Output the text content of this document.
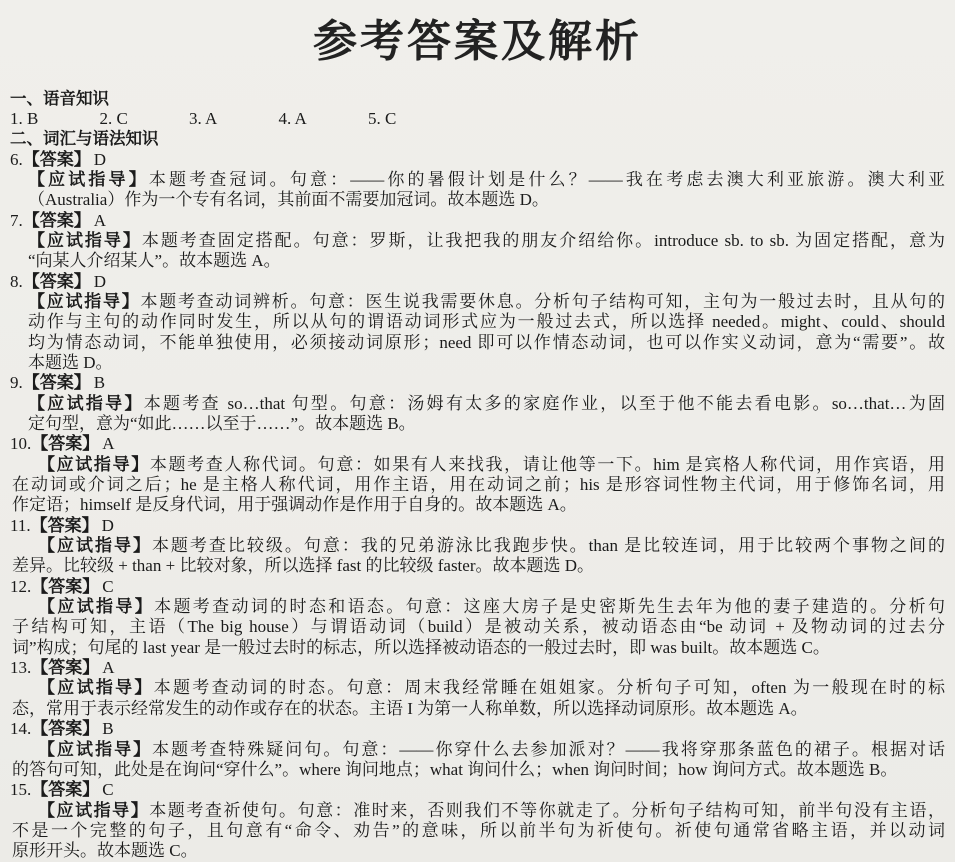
参考答案及解析
一、语音知识
1. B	2. C	3. A	4. A	5. C
二、词汇与语法知识
6.【答案】 D
【应试指导】本题考查冠词。句意：——你的暑假计划是什么？——我在考虑去澳大利亚旅游。澳大利亚
（Australia）作为一个专有名词，其前面不需要加冠词。故本题选 D。
7.【答案】 A
【应试指导】本题考查固定搭配。句意：罗斯，让我把我的朋友介绍给你。introduce sb. to sb. 为固定搭配，意为
“向某人介绍某人”。故本题选 A。
8.【答案】 D
【应试指导】本题考查动词辨析。句意：医生说我需要休息。分析句子结构可知，主句为一般过去时，且从句的
动作与主句的动作同时发生，所以从句的谓语动词形式应为一般过去式，所以选择 needed。might、could、should
均为情态动词，不能单独使用，必须接动词原形；need 即可以作情态动词，也可以作实义动词，意为“需要”。故
本题选 D。
9.【答案】 B
【应试指导】本题考查 so…that 句型。句意：汤姆有太多的家庭作业，以至于他不能去看电影。so…that…为固
定句型，意为“如此……以至于……”。故本题选 B。
10.【答案】 A
【应试指导】本题考查人称代词。句意：如果有人来找我，请让他等一下。him 是宾格人称代词，用作宾语，用
在动词或介词之后；he 是主格人称代词，用作主语，用在动词之前；his 是形容词性物主代词，用于修饰名词，用
作定语；himself 是反身代词，用于强调动作是作用于自身的。故本题选 A。
11.【答案】 D
【应试指导】本题考查比较级。句意：我的兄弟游泳比我跑步快。than 是比较连词，用于比较两个事物之间的
差异。比较级 + than + 比较对象，所以选择 fast 的比较级 faster。故本题选 D。
12.【答案】 C
【应试指导】本题考查动词的时态和语态。句意：这座大房子是史密斯先生去年为他的妻子建造的。分析句
子结构可知，主语（The big house）与谓语动词（build）是被动关系，被动语态由“be 动词 + 及物动词的过去分
词”构成；句尾的 last year 是一般过去时的标志，所以选择被动语态的一般过去时，即 was built。故本题选 C。
13.【答案】 A
【应试指导】本题考查动词的时态。句意：周末我经常睡在姐姐家。分析句子可知，often 为一般现在时的标
态，常用于表示经常发生的动作或存在的状态。主语 I 为第一人称单数，所以选择动词原形。故本题选 A。
14.【答案】 B
【应试指导】本题考查特殊疑问句。句意：——你穿什么去参加派对？——我将穿那条蓝色的裙子。根据对话
的答句可知，此处是在询问“穿什么”。where 询问地点；what 询问什么；when 询问时间；how 询问方式。故本题选 B。
15.【答案】 C
【应试指导】本题考查祈使句。句意：准时来，否则我们不等你就走了。分析句子结构可知，前半句没有主语，
不是一个完整的句子，且句意有“命令、劝告”的意味，所以前半句为祈使句。祈使句通常省略主语，并以动词
原形开头。故本题选 C。
